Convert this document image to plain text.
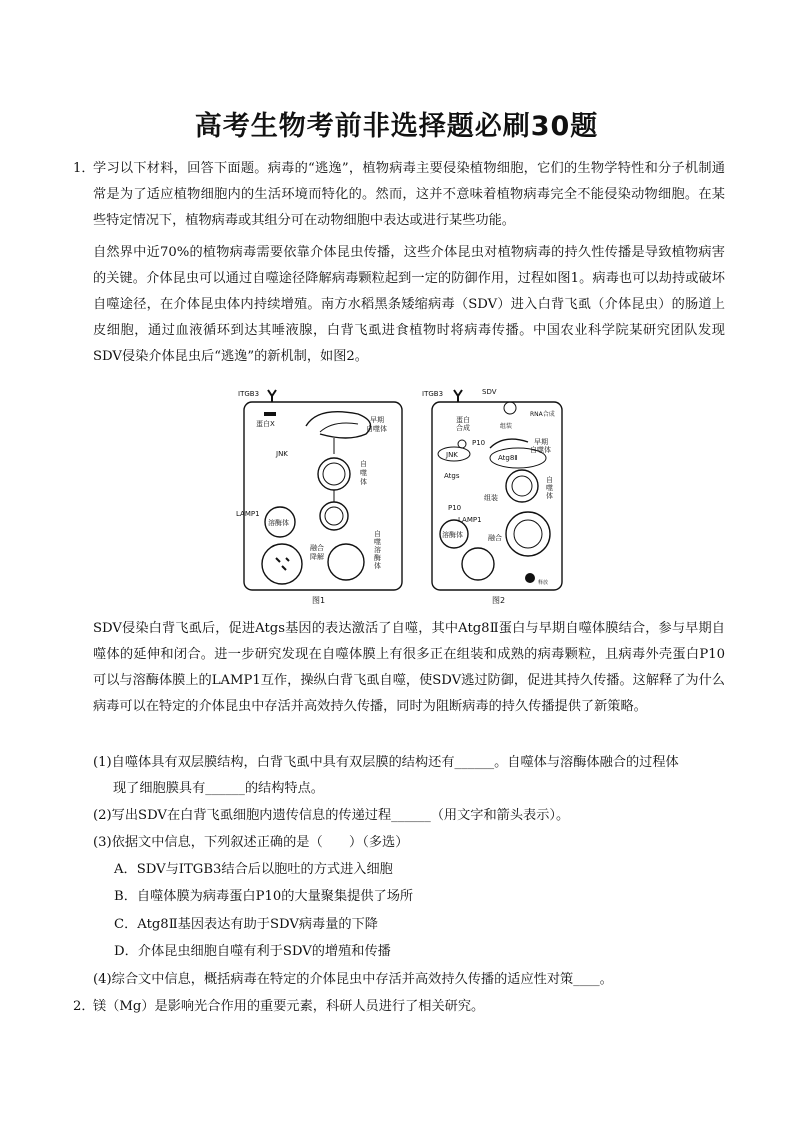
高考生物考前非选择题必刷30题
1．

学习以下材料，回答下面题。病毒的“逃逸”，植物病毒主要侵染植物细胞，它们的生物学特性和分子机制通常是为了适应植物细胞内的生活环境而特化的。然而，这并不意味着植物病毒完全不能侵染动物细胞。在某些特定情况下，植物病毒或其组分可在动物细胞中表达或进行某些功能。

自然界中近70%的植物病毒需要依靠介体昆虫传播，这些介体昆虫对植物病毒的持久性传播是导致植物病害的关键。介体昆虫可以通过自噬途径降解病毒颗粒起到一定的防御作用，过程如图1。病毒也可以劫持或破坏自噬途径，在介体昆虫体内持续增殖。南方水稻黑条矮缩病毒（SDV）进入白背飞虱（介体昆虫）的肠道上皮细胞，通过血液循环到达其唾液腺，白背飞虱进食植物时将病毒传播。中国农业科学院某研究团队发现SDV侵染介体昆虫后“逃逸”的新机制，如图2。

ITGB3
蛋白X	早期
自噬体
JNK
自
噬
体
LAMP1
溶酶体
融合
降解
自
噬
溶
酶
体
图1
ITGB3	SDV
RNA合成
蛋白
合成	组装
P10	早期
自噬体
JNK	Atg8Ⅱ
Atgs
组装
自
噬
体
P10
LAMP1
溶酶体	融合
释放
图2

SDV侵染白背飞虱后，促进Atgs基因的表达激活了自噬，其中Atg8Ⅱ蛋白与早期自噬体膜结合，参与早期自噬体的延伸和闭合。进一步研究发现在自噬体膜上有很多正在组装和成熟的病毒颗粒，且病毒外壳蛋白P10可以与溶酶体膜上的LAMP1互作，操纵白背飞虱自噬，使SDV逃过防御，促进其持久传播。这解释了为什么病毒可以在特定的介体昆虫中存活并高效持久传播，同时为阻断病毒的持久传播提供了新策略。

(1)自噬体具有双层膜结构，白背飞虱中具有双层膜的结构还有______。自噬体与溶酶体融合的过程体
现了细胞膜具有______的结构特点。

(2)写出SDV在白背飞虱细胞内遗传信息的传递过程______（用文字和箭头表示）。

(3)依据文中信息，下列叙述正确的是（　　）（多选）

A．SDV与ITGB3结合后以胞吐的方式进入细胞

B．自噬体膜为病毒蛋白P10的大量聚集提供了场所

C．Atg8Ⅱ基因表达有助于SDV病毒量的下降

D．介体昆虫细胞自噬有利于SDV的增殖和传播

(4)综合文中信息，概括病毒在特定的介体昆虫中存活并高效持久传播的适应性对策____。

2．

镁（Mg）是影响光合作用的重要元素，科研人员进行了相关研究。
